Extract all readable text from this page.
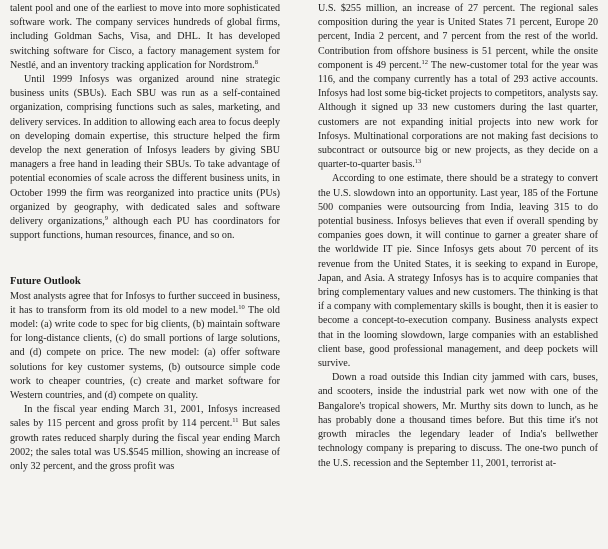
talent pool and one of the earliest to move into more sophisticated software work. The company services hundreds of global firms, including Goldman Sachs, Visa, and DHL. It has developed switching software for Cisco, a factory management system for Nestlé, and an inventory tracking application for Nordstrom.$^8$

Until 1999 Infosys was organized around nine strategic business units (SBUs). Each SBU was run as a self-contained organization, comprising functions such as sales, marketing, and delivery services. In addition to allowing each area to focus deeply on developing domain expertise, this structure helped the firm develop the next generation of Infosys leaders by giving SBU managers a free hand in leading their SBUs. To take advantage of potential economies of scale across the different business units, in October 1999 the firm was reorganized into practice units (PUs) organized by geography, with dedicated sales and software delivery organizations,$^9$ although each PU has coordinators for support functions, human resources, finance, and so on.

Future Outlook

Most analysts agree that for Infosys to further succeed in business, it has to transform from its old model to a new model.$^{10}$ The old model: (a) write code to spec for big clients, (b) maintain software for long-distance clients, (c) do small portions of large solutions, and (d) compete on price. The new model: (a) offer software solutions for key customer systems, (b) outsource simple code work to cheaper countries, (c) create and market software for Western countries, and (d) compete on quality.

In the fiscal year ending March 31, 2001, Infosys increased sales by 115 percent and gross profit by 114 percent.$^{11}$ But sales growth rates reduced sharply during the fiscal year ending March 2002; the sales total was US.$545 million, showing an increase of only 32 percent, and the gross profit was

U.S. $255 million, an increase of 27 percent. The regional sales composition during the year is United States 71 percent, Europe 20 percent, India 2 percent, and 7 percent from the rest of the world. Contribution from offshore business is 51 percent, while the onsite component is 49 percent.$^{12}$ The new-customer total for the year was 116, and the company currently has a total of 293 active accounts. Infosys had lost some big-ticket projects to competitors, analysts say. Although it signed up 33 new customers during the last quarter, customers are not expanding initial projects into new work for Infosys. Multinational corporations are not making fast decisions to subcontract or outsource big or new projects, as they decide on a quarter-to-quarter basis.$^{13}$

According to one estimate, there should be a strategy to convert the U.S. slowdown into an opportunity. Last year, 185 of the Fortune 500 companies were outsourcing from India, leaving 315 to do potential business. Infosys believes that even if overall spending by companies goes down, it will continue to garner a greater share of the worldwide IT pie. Since Infosys gets about 70 percent of its revenue from the United States, it is seeking to expand in Europe, Japan, and Asia. A strategy Infosys has is to acquire companies that bring complementary values and new customers. The thinking is that if a company with complementary skills is bought, then it is easier to become a concept-to-execution company. Business analysts expect that in the looming slowdown, large companies with an established client base, good professional management, and deep pockets will survive.

Down a road outside this Indian city jammed with cars, buses, and scooters, inside the industrial park wet now with one of the Bangalore's tropical showers, Mr. Murthy sits down to lunch, as he has probably done a thousand times before. But this time it's not growth miracles the legendary leader of India's bellwether technology company is preparing to discuss. The one-two punch of the U.S. recession and the September 11, 2001, terrorist at-
